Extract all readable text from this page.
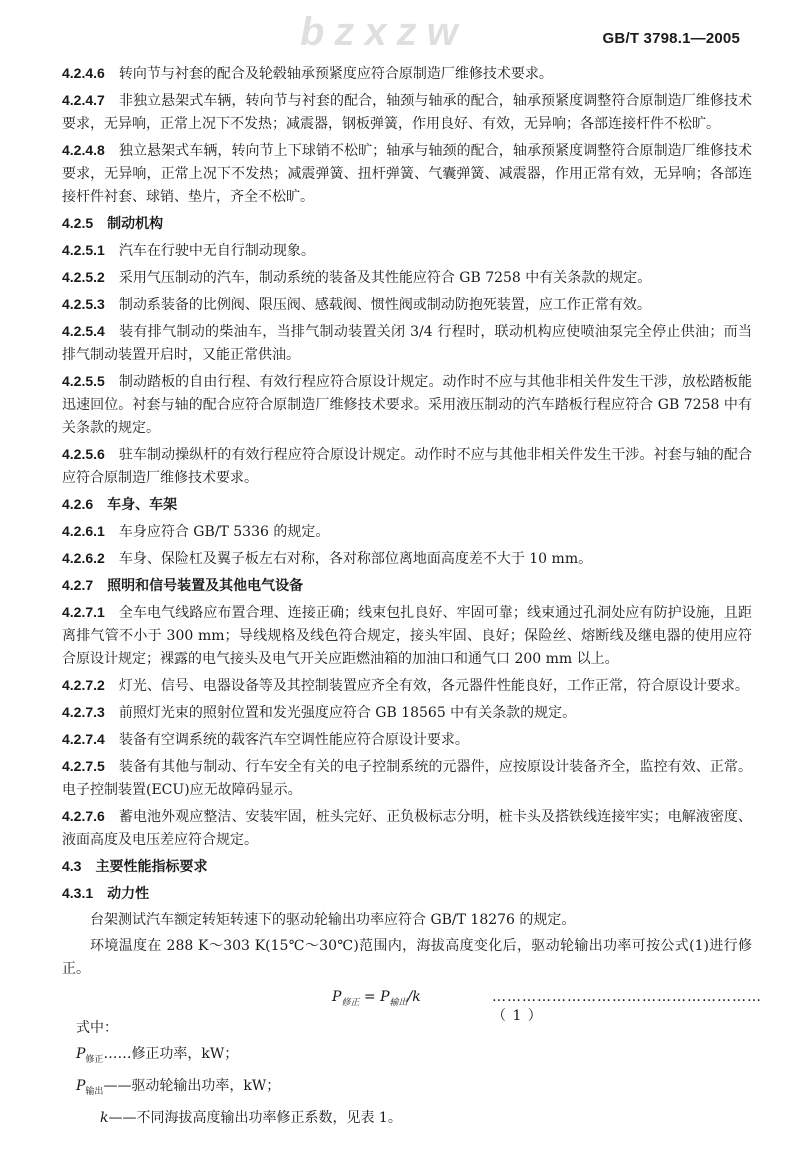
GB/T 3798.1—2005
bzxzw
4.2.4.6 转向节与衬套的配合及轮毂轴承预紧度应符合原制造厂维修技术要求。
4.2.4.7 非独立悬架式车辆，转向节与衬套的配合，轴颈与轴承的配合，轴承预紧度调整符合原制造厂维修技术要求，无异响，正常上况下不发热；减震器，钢板弹簧，作用良好、有效，无异响；各部连接杆件不松旷。
4.2.4.8 独立悬架式车辆，转向节上下球销不松旷；轴承与轴颈的配合，轴承预紧度调整符合原制造厂维修技术要求，无异响，正常上况下不发热；减震弹簧、扭杆弹簧、气囊弹簧、减震器，作用正常有效，无异响；各部连接杆件衬套、球销、垫片，齐全不松旷。
4.2.5 制动机构
4.2.5.1 汽车在行驶中无自行制动现象。
4.2.5.2 采用气压制动的汽车，制动系统的装备及其性能应符合 GB 7258 中有关条款的规定。
4.2.5.3 制动系装备的比例阀、限压阀、感载阀、惯性阀或制动防抱死装置，应工作正常有效。
4.2.5.4 装有排气制动的柴油车，当排气制动装置关闭 3/4 行程时，联动机构应使喷油泵完全停止供油；而当排气制动装置开启时，又能正常供油。
4.2.5.5 制动踏板的自由行程、有效行程应符合原设计规定。动作时不应与其他非相关件发生干涉，放松踏板能迅速回位。衬套与轴的配合应符合原制造厂维修技术要求。采用液压制动的汽车踏板行程应符合 GB 7258 中有关条款的规定。
4.2.5.6 驻车制动操纵杆的有效行程应符合原设计规定。动作时不应与其他非相关件发生干涉。衬套与轴的配合应符合原制造厂维修技术要求。
4.2.6 车身、车架
4.2.6.1 车身应符合 GB/T 5336 的规定。
4.2.6.2 车身、保险杠及翼子板左右对称，各对称部位离地面高度差不大于 10 mm。
4.2.7 照明和信号装置及其他电气设备
4.2.7.1 全车电气线路应布置合理、连接正确；线束包扎良好、牢固可靠；线束通过孔洞处应有防护设施，且距离排气管不小于 300 mm；导线规格及线色符合规定，接头牢固、良好；保险丝、熔断线及继电器的使用应符合原设计规定；裸露的电气接头及电气开关应距燃油箱的加油口和通气口 200 mm 以上。
4.2.7.2 灯光、信号、电器设备等及其控制装置应齐全有效，各元器件性能良好，工作正常，符合原设计要求。
4.2.7.3 前照灯光束的照射位置和发光强度应符合 GB 18565 中有关条款的规定。
4.2.7.4 装备有空调系统的载客汽车空调性能应符合原设计要求。
4.2.7.5 装备有其他与制动、行车安全有关的电子控制系统的元器件，应按原设计装备齐全，监控有效、正常。电子控制装置(ECU)应无故障码显示。
4.2.7.6 蓄电池外观应整洁、安装牢固，桩头完好、正负极标志分明，桩卡头及搭铁线连接牢实；电解液密度、液面高度及电压差应符合规定。
4.3 主要性能指标要求
4.3.1 动力性
台架测试汽车额定转矩转速下的驱动轮输出功率应符合 GB/T 18276 的规定。
环境温度在 288 K～303 K(15℃～30℃)范围内，海拔高度变化后，驱动轮输出功率可按公式(1)进行修正。
$P_{修正} = P_{输出}/k$	………………………………………………（ 1 ）
式中：
$P_{修正}\dots\dots$修正功率，kW；
$P_{输出}——$驱动轮输出功率，kW；
k——不同海拔高度输出功率修正系数，见表 1。
